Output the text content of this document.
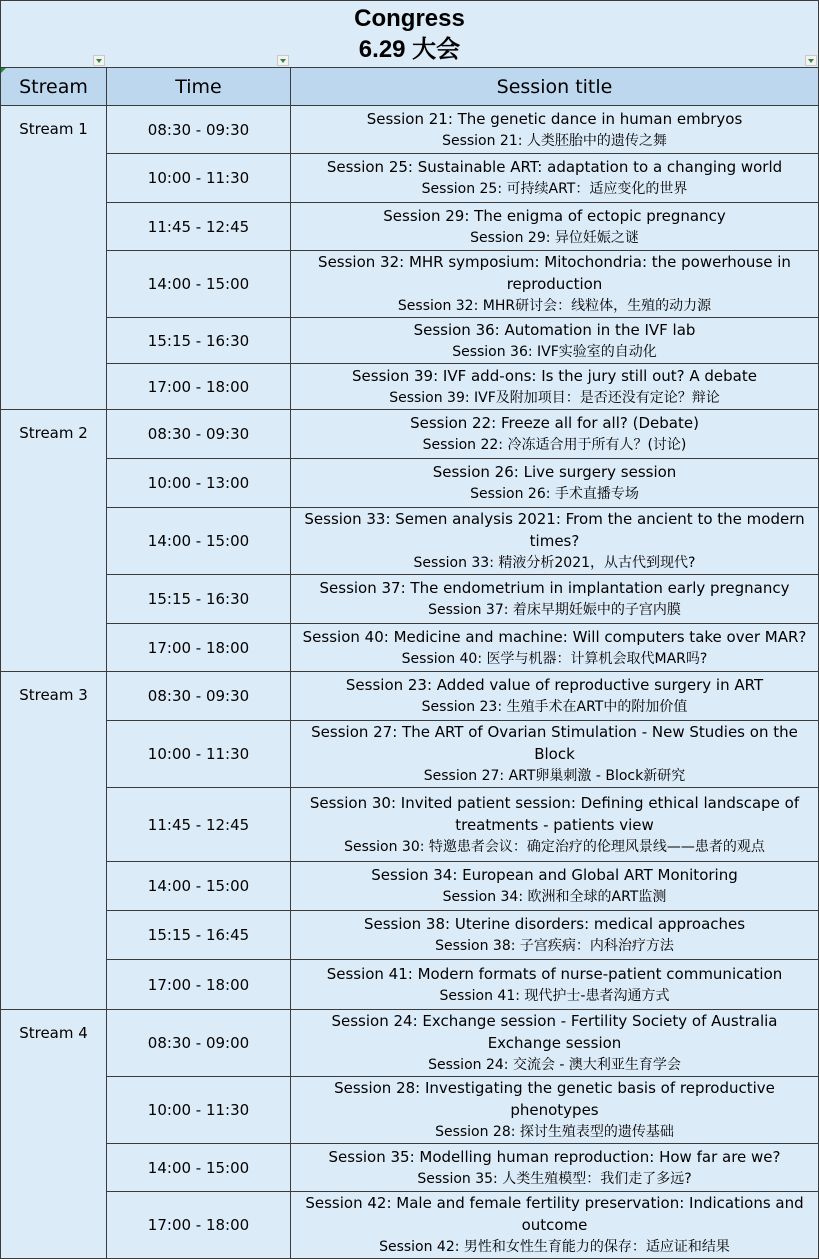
Congress
6.29 大会		

Stream	Time	Session title
Stream 1	08:30 - 09:30	Session 21: The genetic dance in human embryos
Session 21: 人类胚胎中的遗传之舞

	10:00 - 11:30	Session 25: Sustainable ART: adaptation to a changing world
Session 25: 可持续ART：适应变化的世界

	11:45 - 12:45	Session 29: The enigma of ectopic pregnancy
Session 29: 异位妊娠之谜

	14:00 - 15:00	Session 32: MHR symposium: Mitochondria: the powerhouse in reproduction
Session 32: MHR研讨会：线粒体，生殖的动力源

	15:15 - 16:30	Session 36: Automation in the IVF lab
Session 36: IVF实验室的自动化

	17:00 - 18:00	Session 39: IVF add-ons: Is the jury still out? A debate
Session 39: IVF及附加项目：是否还没有定论？辩论

Stream 2	08:30 - 09:30	Session 22: Freeze all for all? (Debate)
Session 22: 冷冻适合用于所有人？(讨论)

	10:00 - 13:00	Session 26: Live surgery session
Session 26: 手术直播专场

	14:00 - 15:00	Session 33: Semen analysis 2021: From the ancient to the modern times?
Session 33: 精液分析2021，从古代到现代?

	15:15 - 16:30	Session 37: The endometrium in implantation early pregnancy
Session 37: 着床早期妊娠中的子宫内膜

	17:00 - 18:00	Session 40: Medicine and machine: Will computers take over MAR?
Session 40: 医学与机器：计算机会取代MAR吗?

Stream 3	08:30 - 09:30	Session 23: Added value of reproductive surgery in ART
Session 23: 生殖手术在ART中的附加价值

	10:00 - 11:30	Session 27: The ART of Ovarian Stimulation - New Studies on the Block
Session 27: ART卵巢刺激 - Block新研究

	11:45 - 12:45	Session 30: Invited patient session: Defining ethical landscape of treatments - patients view
Session 30: 特邀患者会议：确定治疗的伦理风景线——患者的观点

	14:00 - 15:00	Session 34: European and Global ART Monitoring
Session 34: 欧洲和全球的ART监测

	15:15 - 16:45	Session 38: Uterine disorders: medical approaches
Session 38: 子宫疾病：内科治疗方法

	17:00 - 18:00	Session 41: Modern formats of nurse-patient communication
Session 41: 现代护士-患者沟通方式

Stream 4	08:30 - 09:00	Session 24: Exchange session - Fertility Society of Australia Exchange session
Session 24: 交流会 - 澳大利亚生育学会

	10:00 - 11:30	Session 28: Investigating the genetic basis of reproductive phenotypes
Session 28: 探讨生殖表型的遗传基础

	14:00 - 15:00	Session 35: Modelling human reproduction: How far are we?
Session 35: 人类生殖模型：我们走了多远?

	17:00 - 18:00	Session 42: Male and female fertility preservation: Indications and outcome
Session 42: 男性和女性生育能力的保存：适应证和结果
